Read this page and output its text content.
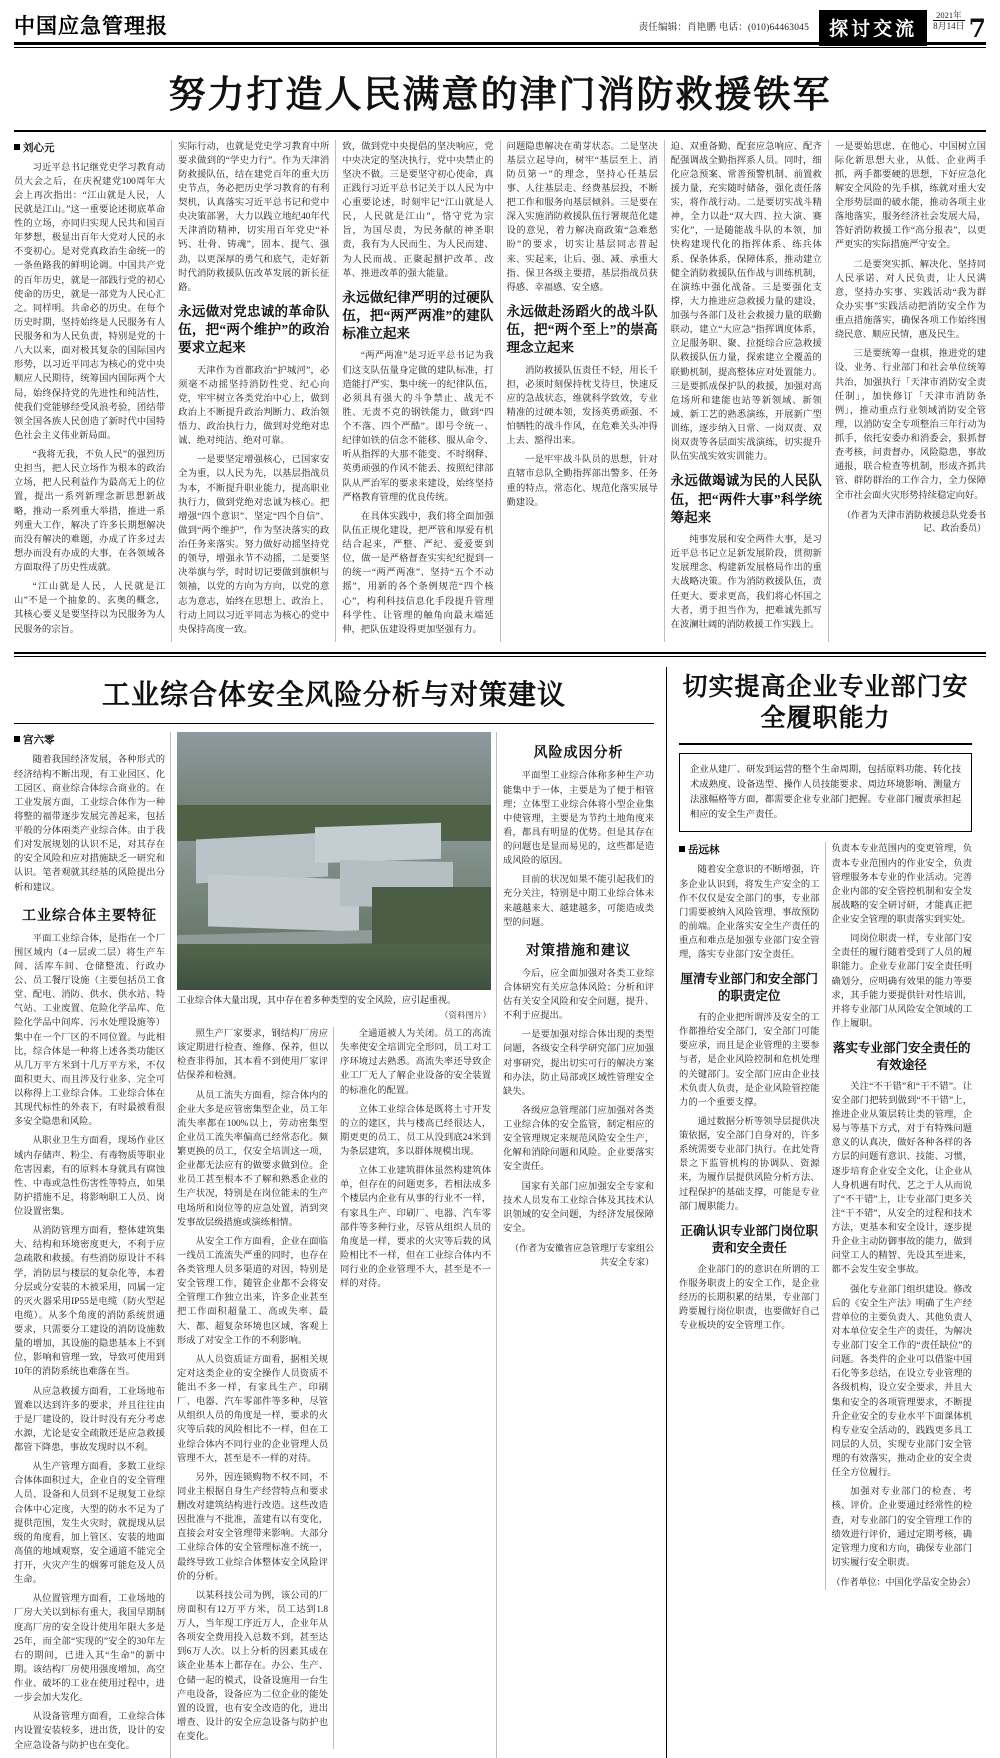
中国应急管理报	责任编辑：肖艳鹏 电话：(010)64463045	探讨交流
2021年
8月14日 7
努力打造人民满意的津门消防救援铁军
刘心元

习近平总书记继党史学习教育动员大会之后，在庆祝建党100周年大会上再次指出：“江山就是人民，人民就是江山。”这一重要论述彻底革命性的立场，亦同归实现人民共和国百年梦想，极显出百年大党对人民的永不变初心。是对党真政治生命统一的一条鱼路我的鲜明论调。中国共产党的百年历史，就是一部践行党的初心使命的历史，就是一部党为人民心汇之。同样明。共命必的历史。在每个历史时期，坚持始终是人民服务有人民服务和为人民负责，特别是党的十八大以来，面对极其复杂的国际国内形势，以习近平同志为核心的党中央顺应人民期待，统筹国内国际两个大局，始终保持党的先进性和纯洁性，使我们党能够经受风浪考验，团结带领全国各族人民创造了新时代中国特色社会主义伟业新局面。

“我将无我，不负人民”的强烈历史担当，把人民立场作为根本的政治立场，把人民利益作为最高无上的位置，提出一系列新理念新思想新战略，推动一系列重大举措，推进一系列重大工作，解决了许多长期想解决而没有解决的难题，办成了许多过去想办而没有办成的大事，在各领域各方面取得了历史性成就。

“江山就是人民，人民就是江山”不是一个抽象的、玄奥的概念，其核心要义是要坚持以为民服务为人民服务的宗旨。

实际行动，也就是党史学习教育中所要求做到的“学史力行”。作为天津消防救援队伍，结在建党百年的重大历史节点，务必把历史学习教育的有利契机，认真落实习近平总书记和党中央决策部署，大力以践立地纪40年代天津消防精神，切实用百年党史“补钙、壮骨、铸魂”，固本、提气、强劲，以更深厚的勇气和底气，走好新时代消防救援队伍改革发展的新长征路。

永远做对党忠诚的革命队伍，把“两个维护”的政治要求立起来

天津作为首都政治“护城河”，必须毫不动摇坚持消防性党、纪心向党，牢牢树立各类党治中心上，做到政治上不断提升政治判断力、政治领悟力、政治执行力，做到对党绝对忠诚、绝对纯洁、绝对可靠。

一是要坚定增强核心，已国家安全为重，以人民为先，以基层指战员为本，不断提升职业能力，提高职业执行力，做到党绝对忠诚为核心。把增强“四个意识”、坚定“四个自信”、做到“两个维护”，作为坚决落实的政治任务来落实。努力做好动摇坚持党的领导，增强永节不动摇，二是要坚决举旗与学，时时切记要做到旗帜与领袖，以党的方向为方向，以党的意志为意志，始终在思想上、政治上、行动上同以习近平同志为核心的党中央保持高度一致。

致，做到党中央提倡的坚决响应，党中央决定的坚决执行，党中央禁止的坚决不做。三是要坚守初心使命，真正践行习近平总书记关于以人民为中心重要论述，时刻牢记“江山就是人民，人民就是江山”，恪守党为宗旨，为国尽责，为民务献的神圣职责，我有为人民而生、为人民而建、为人民而战、正聚起捌护改革、改革、推进改革的强大能量。

永远做纪律严明的过硬队伍，把“两严两准”的建队标准立起来

“两严两准”是习近平总书记为我们这支队伍量身定做的建队标准，打造能打严实、集中统一的纪律队伍，必须具有强大的斗争禁止、战无不胜、无责不克的钢铁能力，做到“四个不落、四个严酷”。即号令统一、纪律如铁的信念不能移、服从命令、听从指挥的大那不能变、不时纲释、英勇顽强的作风不能丢、按照纪律部队从严治军的要求来建设，始终坚持严格教育管理的优良传统。

在具体实践中，我们将全面加强队伍正规化建设，把严管和厚爱有机结合起来，严整、严纪、爱爱要到位，做一是严格督查实实纪纪提到一的统一“两严两准”、坚持“五个不动摇”，用新的各个条例规范“四个核心”，构利科技信息化手段提升管理科学性、让管理的触角向最末端延伸，把队伍建设得更加坚强有力。

问题隐患解决在萌芽状态。二是坚决基层立起导向，树牢“基层至上、消防员第一”的理念，坚持心任基层事、人往基层走、经费基层投，不断把工作和服务向基层倾斜。三是要在深入实施消防救援队伍行署规范化建设的意见，着力解决商政策“急难愁盼”的要求，切实让基层同志普起来、实起来，让后、强、减、承重大指、保卫各级主要措，基层指战员获得感、幸福感、安全感。

永远做赴汤蹈火的战斗队伍，把“两个至上”的崇高理念立起来

消防救援队伍责任不轻，用长千担，必须时刻保持枕戈待旦，快速反应的急战状态，维就科学致效，专业精准的过硬本领，发扬英勇顽强、不怕牺牲的战斗作风，在危难关头冲得上去、豁得出来。

一是牢牢战斗队员的思想，针对直辖市总队全勤指挥部出警多、任务重的特点，常态化、规范化落实展导勤建设。

迫、双重备勤、配套应急响应、配齐配强调战全勤指挥系人员。同时，细化应急预案、常善预警机制、前置救援力量，充实随时储备，强化责任落实，将作战行动。二是要切实战斗精神，全力以赴“双大四、拉大演、赛实化”，一是随能战斗队的本领，加快构建现代化的指挥体系、练兵体系、保条体系，保障体系，推动建立健全消防救援队伍作战与训练机制，在演练中强化战备。三是要强化支撑，大力推进应急救援力量的建设，加强与各部门及社会救援力量的联勤联动，建立“大应急”指挥调度体系，立足服务职、聚、拉挺综合应急救援队救援队伍力量，探索建立全覆盖的联勤机制，提高整体应对处置能力。三是要抓成保护队的救援，加强对高危场所和建能也站等新领域、新领域、新工艺的熟悉演练，开展新广型训练，逐步纳入日常、一岗双责、双岗双责等各层面实战演练，切实提升队伍实战实效实训能力。

永远做竭诚为民的人民队伍，把“两件大事”科学统筹起来

纯事发展和安全两件大事，是习近平总书记立足新发展阶段，贯彻新发展理念、构建新发展格局作出的重大战略决策。作为消防救援队伍，责任更大、要求更高，我们将心怀国之大者，勇于担当作为，把难诚先抓写在波澜壮阔的消防救援工作实践上。

一是要始思虑、在他心、中国树立国际化新思想大业，从低、企业两手抓，两手都要硬的思想，下好应急化解安全风险的先手棋，练就对重大安全形势层面的破水能，推动各项主业落地落实，服务经济社会发展大局，答好消防救援工作“高分报表”，以更严更实的实际措施严守安全。

二是要突实抓、解决化、坚持同人民承诺、对人民负责，让人民满意，坚持办实事、实践活动“我为群众办实事”实践活动把消防安全作为重点措施落实，确保各项工作始终围绕民意、顺应民情，惠及民生。

三是要统筹一盘棋，推进党的建设、业务、行业部门和社会单位统筹共治，加强执行「天津市消防安全责任制」，加快修订「天津市消防条例」，推动重点行业领域消防安全管理，以消防安全专项整治三年行动为抓手，依托安委办和消委会，狠抓督查考核，问责督办，风险隐患，事故通报，联合检查等机制，形成齐抓共管、群防群治的工作合力，全力保障全市社会面火灾形势持续稳定向好。

（作者为天津市消防救援总队党委书记、政治委员）
工业综合体安全风险分析与对策建议
宫六零

随着我国经济发展，各种形式的经济结构不断出现，有工业园区、化工园区、商业综合体综合商业的。在工业发展方面，工业综合体作为一种将整的福带逐步发展完善起来，包括平般的分体兩类产业综合体。由于我们对发展规划的认识不足，对其存在的安全风险和应对措施缺乏一研究和认识。笔者观就其经基的风险提出分析和建议。

工业综合体主要特征

平面工业综合体，是指在一个厂围区域内（4一层或二层）将生产车间、活库车间、仓储整流、行政办公、员工餐厅设施（主要包括员工食堂、配电、消防、供水、供水站、特气站、工业废置、危险化学品库、危险化学品中间库、污水处理设施等）集中在一个厂区的不同位置。与此相比，综合体是一种将上述各类功能区从几万平方米到十几万平方米，不仅面积更大、而且涉及行业多、完全可以称得上工业综合体。工业综合体在其现代标性的外表下，有时最被看很多安全隐患和风险。

从职业卫生方面看，现场作业区域内存储声、粉尘、有毒物质等职业危害因素，有的原料本身就具有腐蚀性、中毒或急性伤害性等特点，如果防护措施不足，将影响职工人员、岗位设置密集。

从消防管理方面看，整体建筑集大、结构和环境密度更大，不利于应急疏散和救援。有些消防原设计不科学，消防层与楼层的复杂化等，本着分层或分安装的木被采用，同属一定的灭火器采用IP55是电缆（防火型起电缆）。从多个角度的消防系统贯通要求，只需要分工建设的消防设施数量的增加，其设施的隐患基本上不到位，影响和管理一致，导致可使用到10年的消防系统也难落在当。

从应急救援方面看，工业场地布置难以达到许多的要求，并且往往由于是厂建设的，设计时没有充分考虑水源，尤论是安全疏散还是应急救援都管下降患，事故发现时以不利。

从生产管理方面看，多数工业综合体体面积过大，企业自的安全管理人员、设备和人员到不足规复工业综合体中心定度，大型的防水不足为了提供范围，发生火灾时，就提现从层级的角度看，加上管区、安装的地面高值的地域观察，安全通道不能完全打开，火灾产生的烟雾可能危及人员生命。

从位置管理方面看，工业场地的厂房大关以到标有重大，我国早期制度高厂房的安全设计使用年限大多是25年，而全部“实现的”安全的30年左右的期间，已进入其“生命”的新中期。该结构厂房使用强度增加，高空作业、破坏的工业在使用过程中，进一步会加大发化。

从设备管理方面看，工业综合体内设置安装较多，进出货，设计的安全应急设备与防护也在变化。

工业综合体大量出现，其中存在着多种类型的安全风险，应引起重视。
（资料图片）

照生产厂家要求，钢结构厂房应该定期进行检查、维修、保养，但以检查非得加，其本看不到使用厂家评估保养和检测。

从员工流失方面看，综合体内的企业大多是应管密集型企业，员工年流失率都在100%以上，劳动密集型企业员工流失率偏高已经常态化。频繁更换的员工，仅安全培训这一项，企业都无法应有的做要求做到位。企业员工甚至根本不了解和熟悉企业的生产状况，特别是在岗位能未的生产电场所和岗位等的应急处置，消到突发事故层级措施或演练相情。

从安全工作方面看，企业在面临一线员工流流失严重的同时，也存在各类管理人员多渠道的对因，特别是安全管理工作，随管企业都不会将安全管理工作独立出来，许多企业甚至把工作面积超量工、高或失率、最大、都、超复杂环境也区域，客观上形成了对安全工作的不利影响。

从人员资质证方面看，据相关规定对这类企业的安全操作人员资质不能出不多一样，有家具生产、印刷厂、电器、汽车零部件等多种，尽管从组织人员的角度是一样，要求的火灾等后载的风险相比不一样，但在工业综合体内不同行业的企业管理人员管理不大，甚至是不一样的对待。

另外，因连锁购物不权不同，不同业主根据自身生产经营特点和要求删改对建筑结构进行改造。这些改造因批准与不批准，盖建有以有变化，直接会对安全管理带来影响。大部分工业综合体的安全管理标准不统一，最终导致工业综合体整体安全风险评价的分析。

以某科技公司为例，该公司的厂房面积有12万平方米，员工达到1.8万人，当年现工序近万人，企业年从各项安全费用投入总数不到，甚至达到6万人次。以上分析的因素其成在该企业基本上都存在。办公、生产、仓储一起的模式，设备设施用一台生产电设备，设备应为二位企业的能处置的设置，也有安全改造的化，进出增查、设计的安全应急设备与防护也在变化。

全通道被人为关闭。员工的高流失率使安全培训完全形同，员工对工序环境过去熟悉。高流失率还导致企业工厂无人了解企业设备的安全装置的标准化的配置。

立体工业综合体是既将土寸开发的立的建区，共与楼高已经很达人，期更更的员工、员工从没到底24米到为条层建筑，多以群体规模出现。

立体工业建筑群体虽然构建筑体单，但存在的问题更多，若相法成多个楼层内企业有从事的行业不一样，有家具生产、印刷厂、电器、汽车零部件等多种行业，尽管从组织人员的角度是一样，要求的火灾等后载的风险相比不一样，但在工业综合体内不同行业的企业管理不大，甚至是不一样的对待。

风险成因分析

平面型工业综合体称多种生产功能集中于一体，主要是为了便于相管理；立体型工业综合体将小型企业集中使管理，主要是为节约土地角度来看，都具有明显的优势。但是其存在的问题也是显而易见的，这些都是造成风险的原因。

目前的状况如果不能引起我们的充分关注，特别是中期工业综合体未来越越来大、越建越多，可能造成类型的问题。

对策措施和建议

今后，应全面加强对各类工业综合体研究有关应急体风险；分析和评估有关安全风险和安全问题，提升、不利于应提出。

一是要加强对综合体出现的类型问题，各级安全科学研究部门应加强对事研究，提出切实可行的解决方案和办法，防止局部或区域性管理安全缺失。

各级应急管理部门应加强对各类工业综合体的安全监管，制定相应的安全管理规定来规范风险安全生产，化解和消除问题和风险。企业要落实安全责任。

国家有关部门应加强安全专家和技术人员发布工业综合体及其技术认识领域的安全问题，为经济发展保障安全。

（作者为安徽省应急管理厅专家组公共安全专家）
切实提高企业专业部门安全履职能力
企业从建厂、研发到运营的整个生命周期，包括原料功能、转化技术成熟度、设备迭型、操作人员技能要求、周边环境影响、测量方法涨幅格等方面，都需要企业专业部门把握。专业部门履责承担起相应的安全生产责任。
岳远林

随着安全意识的不断增强，许多企业认识到，将发生产安全的工作不仅仅是安全部门的事，专业部门需要被纳入风险管理、事故预防的前端。企业落实安全生产责任的重点和难点是加强专业部门安全管理，落实专业部门安全责任。

厘清专业部门和安全部门的职责定位

有的企业把所谓涉及安全的工作都推给安全部门，安全部门可能要应承，而且是企业管理的主要参与者，是企业风险控制和危机处理的关键部门。安全部门应由企业技术负责人负责，是企业风险管控能力的一个重要支撑。

通过数据分析等领导层提供决策依据，安全部门自身对的，许多系统需要专业部门执行。在此处背景之下监管机构的协调队、资源来，为履作层提供风险分析方法、过程保护的基础支撑，可能是专业部门履职能力。

正确认识专业部门岗位职责和安全责任

企业部门的的意识在所谓的工作服务职责上的安全工作，是企业经历的长期积累的结果，专业部门跨要履行岗位职责，也要做好自己专业板块的安全管理工作。

负责本专业范围内的变更管理，负责本专业范围内的作业安全，负责管理服务本专业的作业活动。完善企业内部的安全管控机制和安全发展战略的安全研讨研，才能真正把企业安全管理的职责落实到实处。

同岗位职责一样，专业部门安全责任的履行随着受到了人员的履职能力。企业专业部门安全责任明确划分，应明确有效果的能力等要求，其手能力要提供针对性培训，并将专业部门从风险安全领域的工作上履职。

落实专业部门安全责任的有效途径

关注“不干错”和“干不错”。让安全部门把转到做到“不干错”上，推进企业从策层转让类的管理，企易与等基下方式，对于有特殊问题意义的认真决，做好各种各样的各方层的问题有意识、技能、习惯，逐步培育企业安全文化，让企业从人身机遇有时代、艺之于人从而说了“不干错”上，让专业部门更多关注“干不错”，从安全的过程和技术方法，更基本和安全设计，逐步提升企业主动防御事故的能力，做到问堂工人的精智、先设其至进来，都不会发生安全事故。

强化专业部门组织建设。修改后的《安全生产法》明确了生产经营单位的主要负责人、其他负责人对本单位安全生产的责任，为解决专业部门安全工作的“责任缺位”的问题。各类件的企业可以借鉴中国石化等多总结，在设立专业管理的各级机构，设立安全要求，并且大集和安全的各项管理要求，不断提升企业安全的专业水平下面课体机构专业安全活动的，践践更多具工同层的人员，实现专业部门安全管理的有效落实，推动企业的安全责任全方位履行。

加强对专业部门的检查、考核、评价。企业要通过经常性的检查，对专业部门的安全管理工作的绩效进行评价，通过定期考核，确定管理力度和方向，确保专业部门切实履行安全职责。

（作者单位：中国化学品安全协会）
